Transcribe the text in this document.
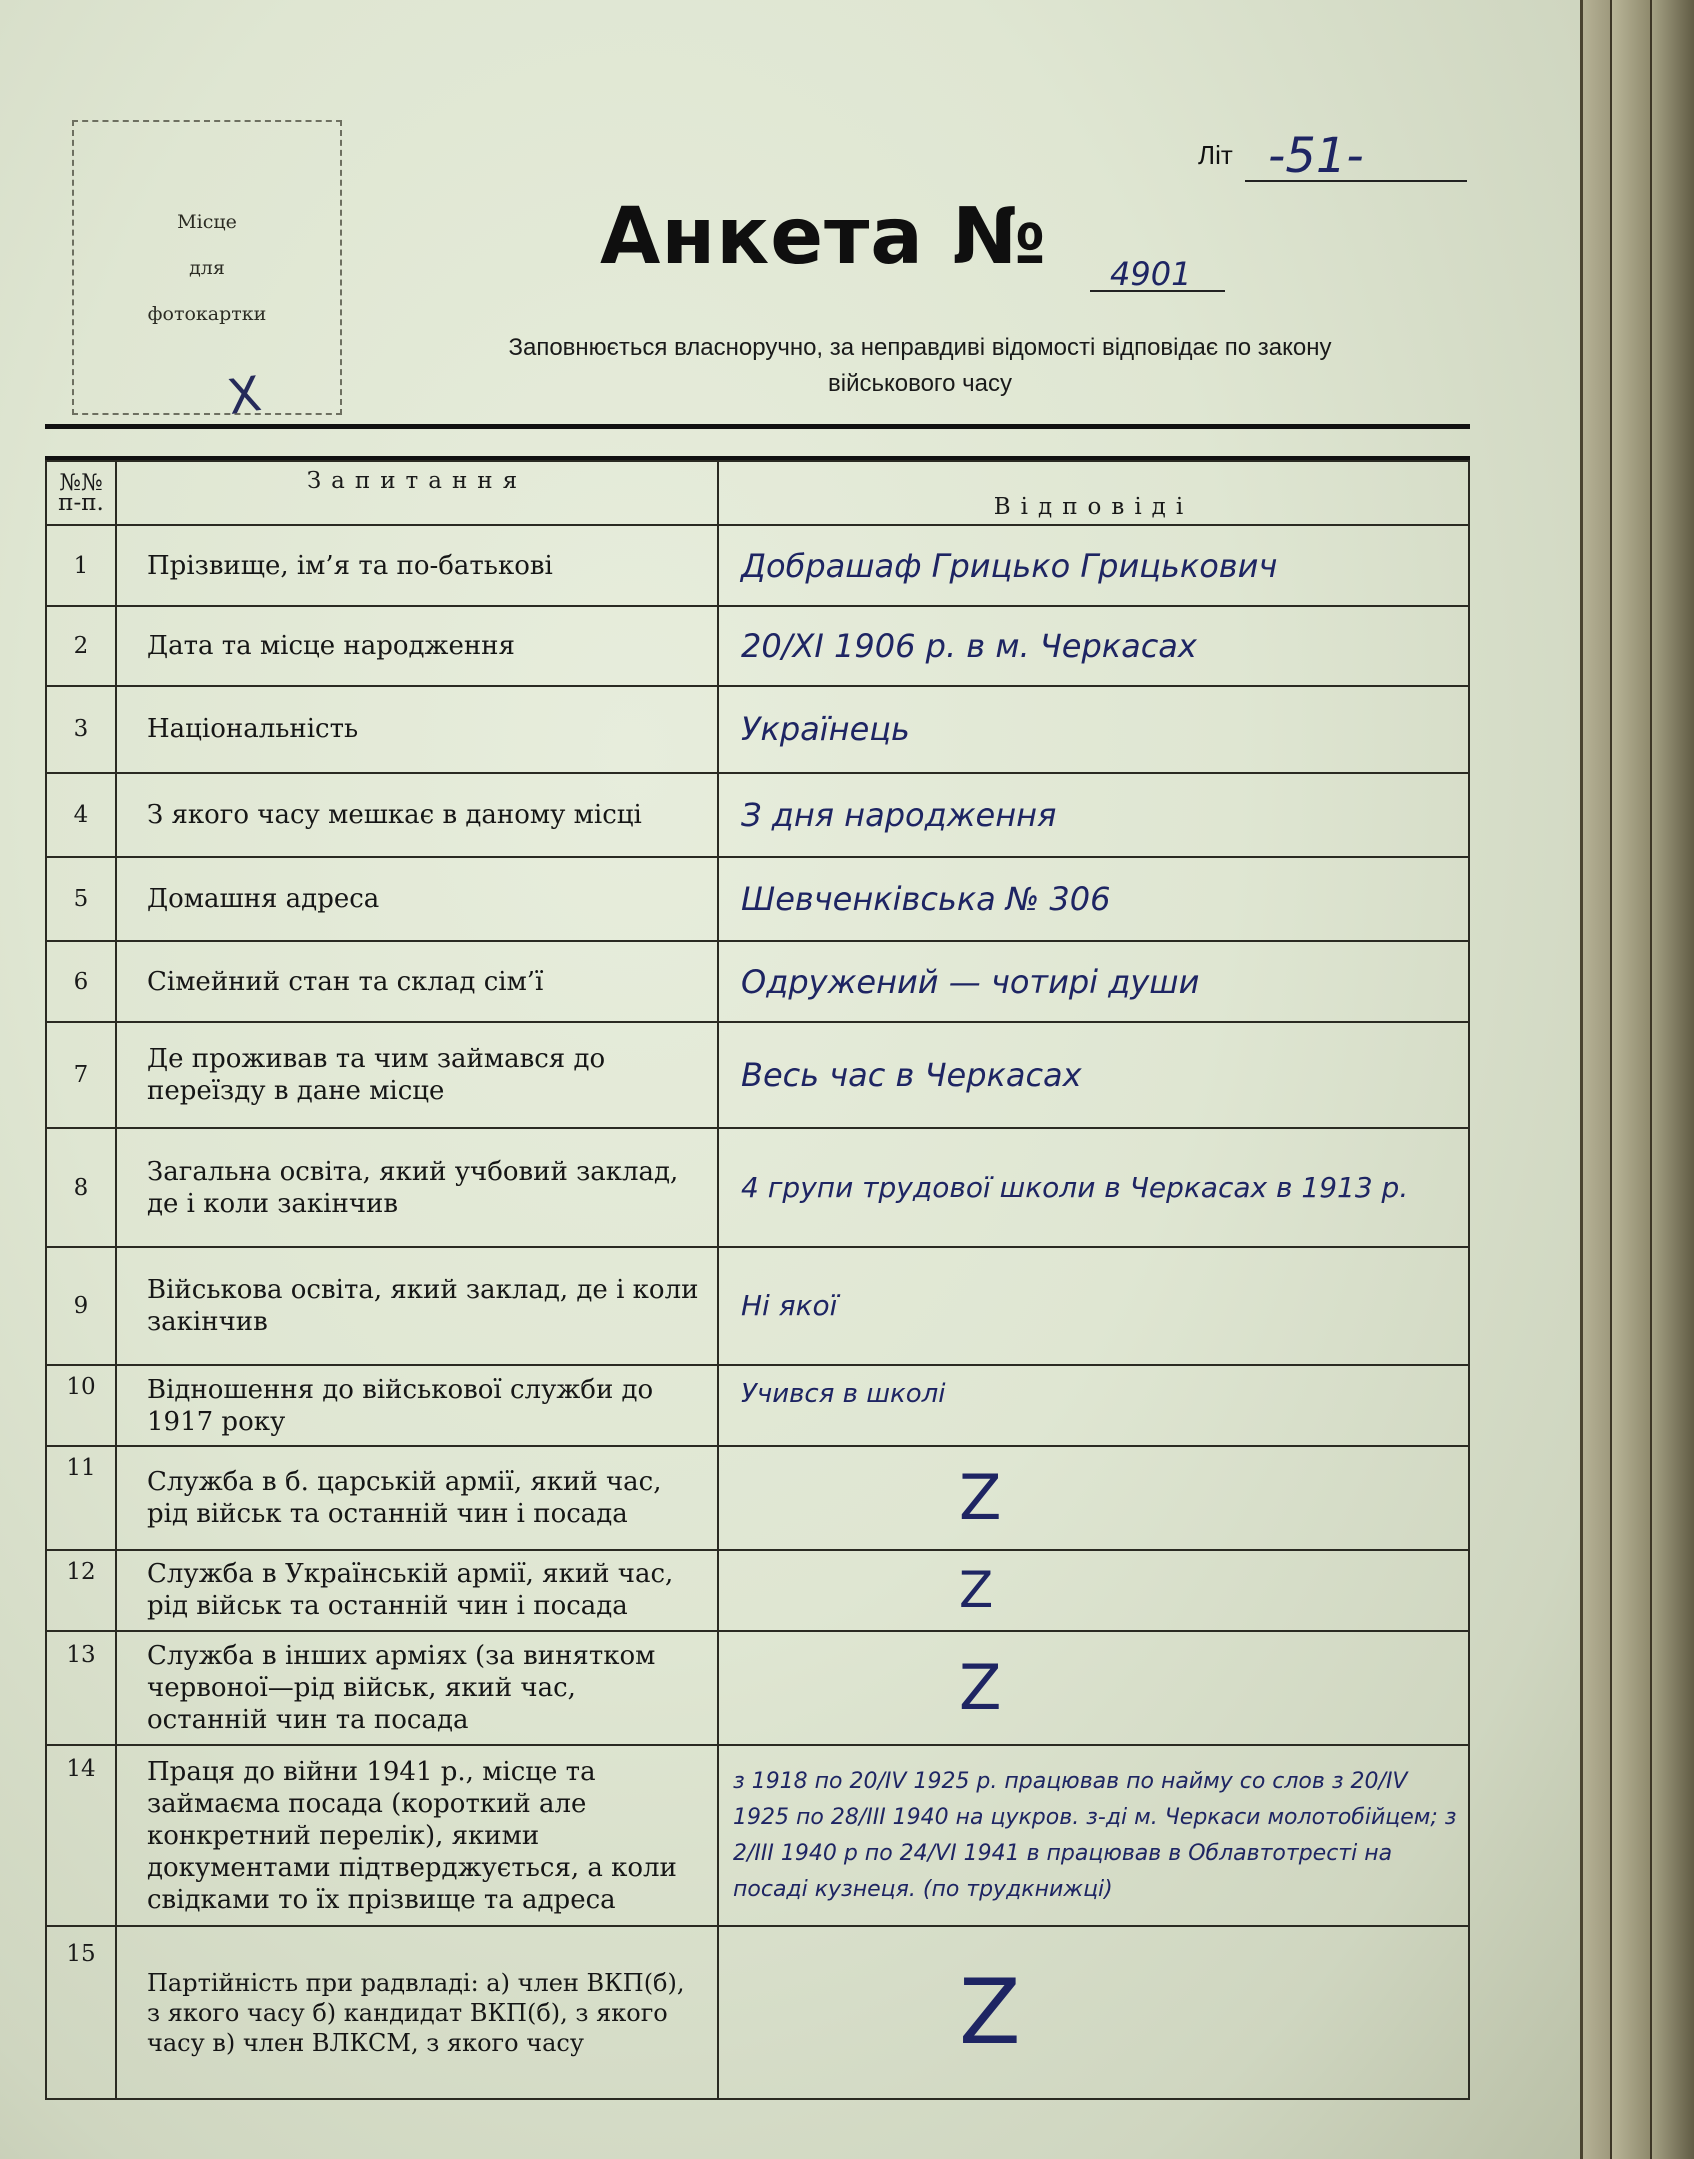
Місце
для
фотокартки
X
Літ -51-
Анкета № 4901
Заповнюється власноручно, за неправдиві відомості відповідає по закону
військового часу
№№ п-п.	Запитання	Відповіді
1	Прізвище, ім’я та по-батькові	Добрашаф Грицько Грицькович
2	Дата та місце народження	20/XI 1906 р. в м. Черкасах
3	Національність	Українець
4	З якого часу мешкає в даному місці	З дня народження
5	Домашня адреса	Шевченківська № 306
6	Сімейний стан та склад сім’ї	Одружений — чотирі души
7	Де проживав та чим займався до переїзду в дане місце	Весь час в Черкасах
8	Загальна освіта, який учбовий заклад, де і коли закінчив	4 групи трудової школи в Черкасах в 1913 р.
9	Військова освіта, який заклад, де і коли закінчив	Ні якої
10	Відношення до військової служби до 1917 року	Учився в школі
11	Служба в б. царській армії, який час, рід військ та останній чин і посада	Z
12	Служба в Українській армії, який час, рід військ та останній чин і посада	Z
13	Служба в інших арміях (за винятком червоної—рід військ, який час, останній чин та посада	Z
14	Праця до війни 1941 р., місце та займаєма посада (короткий але конкретний перелік), якими документами підтверджується, а коли свідками то їх прізвище та адреса	з 1918 по 20/IV 1925 р. працював по найму со слов з 20/IV 1925 по 28/III 1940 на цукров. з-ді м. Черкаси молотобійцем; з 2/III 1940 р по 24/VI 1941 в працював в Облавтотресті на посаді кузнеця. (по трудкнижці)
15	Партійність при радвладі: а) член ВКП(б), з якого часу б) кандидат ВКП(б), з якого часу в) член ВЛКСМ, з якого часу	Z
